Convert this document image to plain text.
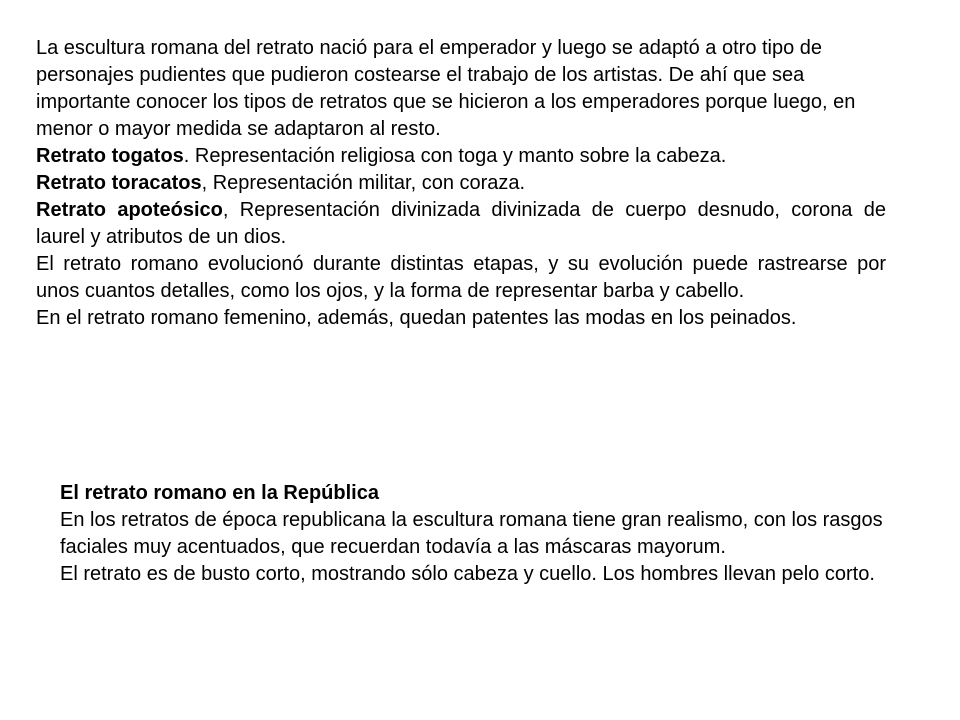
La escultura romana del retrato nació para el emperador y luego se adaptó a otro tipo de personajes pudientes que pudieron costearse el trabajo de los artistas. De ahí que sea importante conocer los tipos de retratos que se hicieron a los emperadores porque luego, en menor o mayor medida se adaptaron al resto.

Retrato togatos. Representación religiosa con toga y manto sobre la cabeza.

Retrato toracatos, Representación militar, con coraza.

Retrato apoteósico, Representación divinizada divinizada de cuerpo desnudo, corona de laurel y atributos de un dios.

El retrato romano evolucionó durante distintas etapas, y su evolución puede rastrearse por unos cuantos detalles, como los ojos, y la forma de representar barba y cabello.

En el retrato romano femenino, además, quedan patentes las modas en los peinados.

El retrato romano en la República

En los retratos de época republicana la escultura romana tiene gran realismo, con los rasgos faciales muy acentuados, que recuerdan todavía a las máscaras mayorum.

El retrato es de busto corto, mostrando sólo cabeza y cuello. Los hombres llevan pelo corto.
